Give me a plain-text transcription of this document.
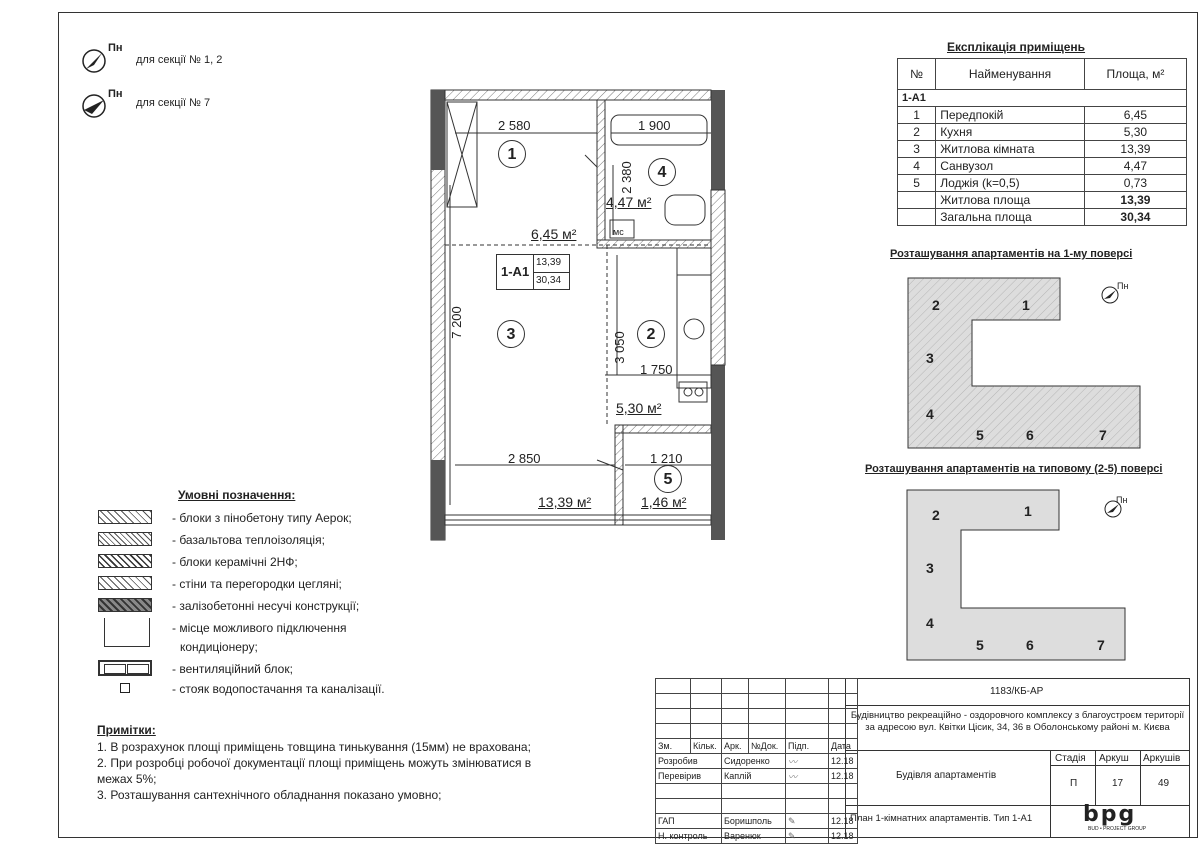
Пн
для секції № 1, 2
Пн
для секції № 7
2 580	1 900
2 380
7 200
3 050
1 750
2 850	1 210
6,45 м²
4,47 м²
5,30 м²
13,39 м²	1,46 м²
1
4
3	2
5
1-А1
13,39
30,34
мс
Експлікація приміщень
№	Найменування	Площа, м²
1-А1		
1	Передпокій	6,45
2	Кухня	5,30
3	Житлова кімната	13,39
4	Санвузол	4,47
5	Лоджія (k=0,5)	0,73
	Житлова площа	13,39
	Загальна площа	30,34
Розташування апартаментів на 1-му поверсі
Розташування апартаментів на типовому (2-5) поверсі
2	1
3
4
5	6	7
Пн
2	1
3
4
5	6	7
Пн
Умовні позначення:
- блоки з пінобетону типу Аерок;
- базальтова теплоізоляція;
- блоки керамічні 2НФ;
- стіни та перегородки цегляні;
- залізобетонні несучі конструкції;
- місце можливого підключення
кондиціонеру;
- вентиляційний блок;
- стояк водопостачання та каналізації.
Примітки:
1. В розрахунок площі приміщень товщина тинькування (15мм) не врахована;
2. При розробці робочої документації площі приміщень можуть змінюватися в
межах 5%;
3. Розташування сантехнічного обладнання показано умовно;
1183/КБ-АР
Будівництво рекреаційно - оздоровчого комплексу з благоустроєм території за адресою вул. Квітки Цісик, 34, 36 в Оболонському районі м. Києва
Будівля апартаментів
Стадія Аркуш Аркушів
П	17	49
План 1-кімнатних апартаментів. Тип 1-А1 bpg
BUD • PROJECT GROUP

Зм.	Кільк.	Арк.	№Док.	Підп.	Дата
Розробив		Сидоренко		〰	12.18
Перевірив		Каплій		〰	12.18

ГАП		Боришполь		✎	12.18
Н. контроль		Варенюк		✎	12.18
